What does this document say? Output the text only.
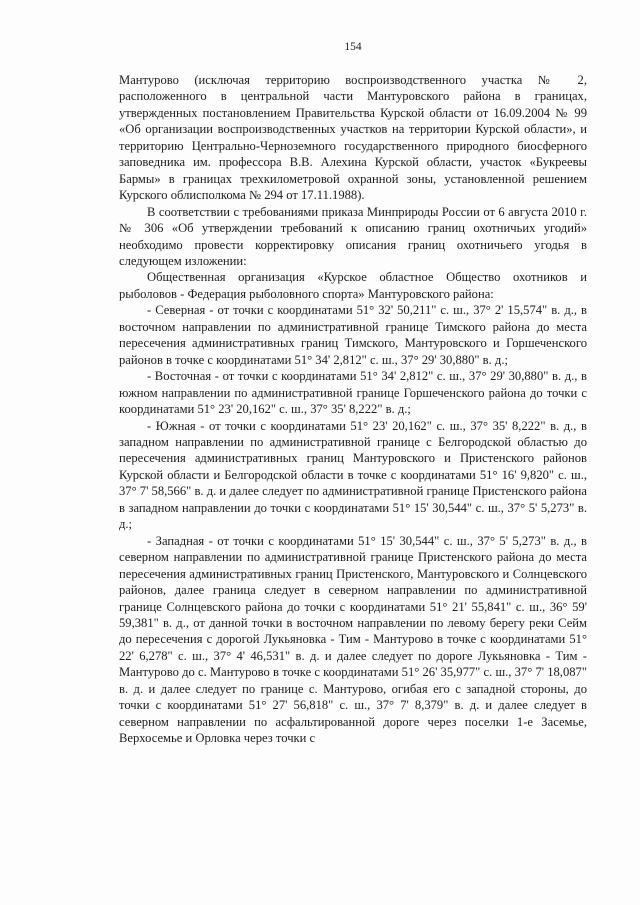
154

Мантурово (исключая территорию воспроизводственного участка № 2, расположенного в центральной части Мантуровского района в границах, утвержденных постановлением Правительства Курской области от 16.09.2004 № 99 «Об организации воспроизводственных участков на территории Курской области», и территорию Центрально-Черноземного государственного природного биосферного заповедника им. профессора В.В. Алехина Курской области, участок «Букреевы Бармы» в границах трехкилометровой охранной зоны, установленной решением Курского облисполкома № 294 от 17.11.1988).

В соответствии с требованиями приказа Минприроды России от 6 августа 2010 г. № 306 «Об утверждении требований к описанию границ охотничьих угодий» необходимо провести корректировку описания границ охотничьего угодья в следующем изложении:

Общественная организация «Курское областное Общество охотников и рыболовов - Федерация рыболовного спорта» Мантуровского района:

- Северная - от точки с координатами 51° 32' 50,211" с. ш., 37° 2' 15,574" в. д., в восточном направлении по административной границе Тимского района до места пересечения административных границ Тимского, Мантуровского и Горшеченского районов в точке с координатами 51° 34' 2,812" с. ш., 37° 29' 30,880" в. д.;

- Восточная - от точки с координатами 51° 34' 2,812" с. ш., 37° 29' 30,880" в. д., в южном направлении по административной границе Горшеченского района до точки с координатами 51° 23' 20,162" с. ш., 37° 35' 8,222" в. д.;

- Южная - от точки с координатами 51° 23' 20,162" с. ш., 37° 35' 8,222" в. д., в западном направлении по административной границе с Белгородской областью до пересечения административных границ Мантуровского и Пристенского районов Курской области и Белгородской области в точке с координатами 51° 16' 9,820" с. ш., 37° 7' 58,566" в. д. и далее следует по административной границе Пристенского района в западном направлении до точки с координатами 51° 15' 30,544" с. ш., 37° 5' 5,273" в. д.;

- Западная - от точки с координатами 51° 15' 30,544" с. ш., 37° 5' 5,273" в. д., в северном направлении по административной границе Пристенского района до места пересечения административных границ Пристенского, Мантуровского и Солнцевского районов, далее граница следует в северном направлении по административной границе Солнцевского района до точки с координатами 51° 21' 55,841" с. ш., 36° 59' 59,381" в. д., от данной точки в восточном направлении по левому берегу реки Сейм до пересечения с дорогой Лукьяновка - Тим - Мантурово в точке с координатами 51° 22' 6,278" с. ш., 37° 4' 46,531" в. д. и далее следует по дороге Лукьяновка - Тим - Мантурово до с. Мантурово в точке с координатами 51° 26' 35,977" с. ш., 37° 7' 18,087" в. д. и далее следует по границе с. Мантурово, огибая его с западной стороны, до точки с координатами 51° 27' 56,818" с. ш., 37° 7' 8,379" в. д. и далее следует в северном направлении по асфальтированной дороге через поселки 1-е Засемье, Верхосемье и Орловка через точки с
